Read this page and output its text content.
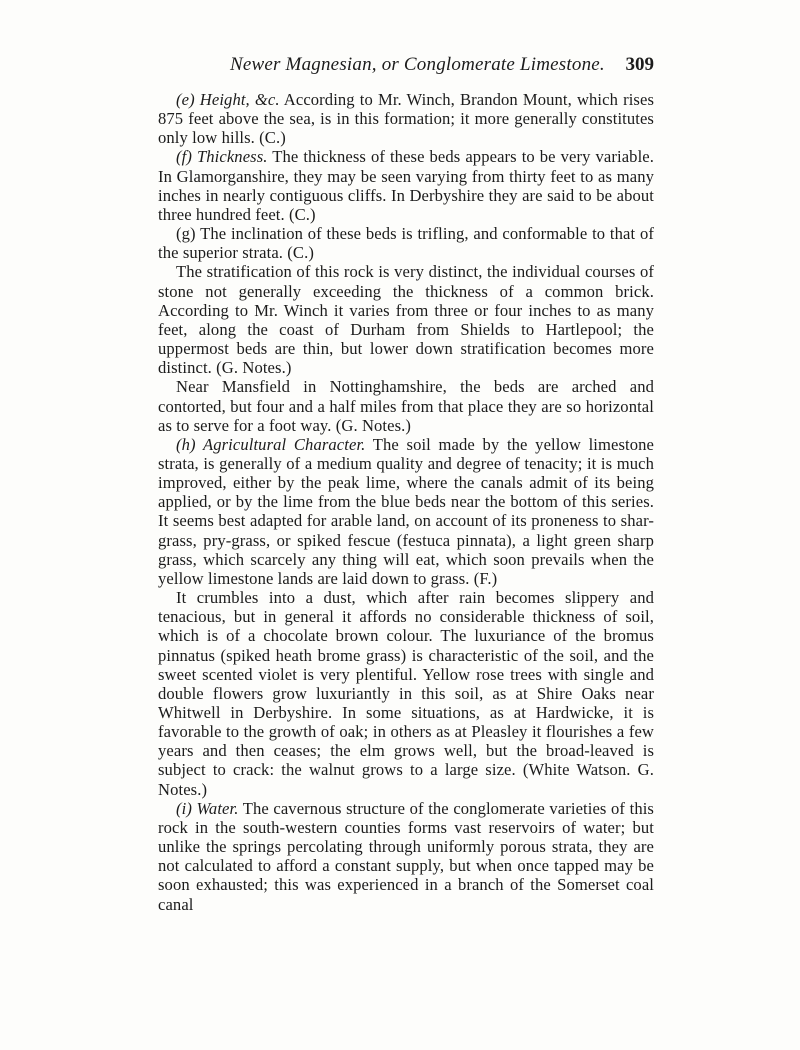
Newer Magnesian, or Conglomerate Limestone. 309

(e) Height, &c. According to Mr. Winch, Brandon Mount, which rises 875 feet above the sea, is in this formation; it more generally constitutes only low hills. (C.)

(f) Thickness. The thickness of these beds appears to be very variable. In Glamorganshire, they may be seen varying from thirty feet to as many inches in nearly contiguous cliffs. In Derbyshire they are said to be about three hundred feet. (C.)

(g) The inclination of these beds is trifling, and conformable to that of the superior strata. (C.)

The stratification of this rock is very distinct, the individual courses of stone not generally exceeding the thickness of a common brick. According to Mr. Winch it varies from three or four inches to as many feet, along the coast of Durham from Shields to Hartlepool; the uppermost beds are thin, but lower down stratification becomes more distinct. (G. Notes.)

Near Mansfield in Nottinghamshire, the beds are arched and contorted, but four and a half miles from that place they are so horizontal as to serve for a foot way. (G. Notes.)

(h) Agricultural Character. The soil made by the yellow limestone strata, is generally of a medium quality and degree of tenacity; it is much improved, either by the peak lime, where the canals admit of its being applied, or by the lime from the blue beds near the bottom of this series. It seems best adapted for arable land, on account of its proneness to shar-grass, pry-grass, or spiked fescue (festuca pinnata), a light green sharp grass, which scarcely any thing will eat, which soon prevails when the yellow limestone lands are laid down to grass. (F.)

It crumbles into a dust, which after rain becomes slippery and tenacious, but in general it affords no considerable thickness of soil, which is of a chocolate brown colour. The luxuriance of the bromus pinnatus (spiked heath brome grass) is characteristic of the soil, and the sweet scented violet is very plentiful. Yellow rose trees with single and double flowers grow luxuriantly in this soil, as at Shire Oaks near Whitwell in Derbyshire. In some situations, as at Hardwicke, it is favorable to the growth of oak; in others as at Pleasley it flourishes a few years and then ceases; the elm grows well, but the broad-leaved is subject to crack: the walnut grows to a large size. (White Watson. G. Notes.)

(i) Water. The cavernous structure of the conglomerate varieties of this rock in the south-western counties forms vast reservoirs of water; but unlike the springs percolating through uniformly porous strata, they are not calculated to afford a constant supply, but when once tapped may be soon exhausted; this was experienced in a branch of the Somerset coal canal
